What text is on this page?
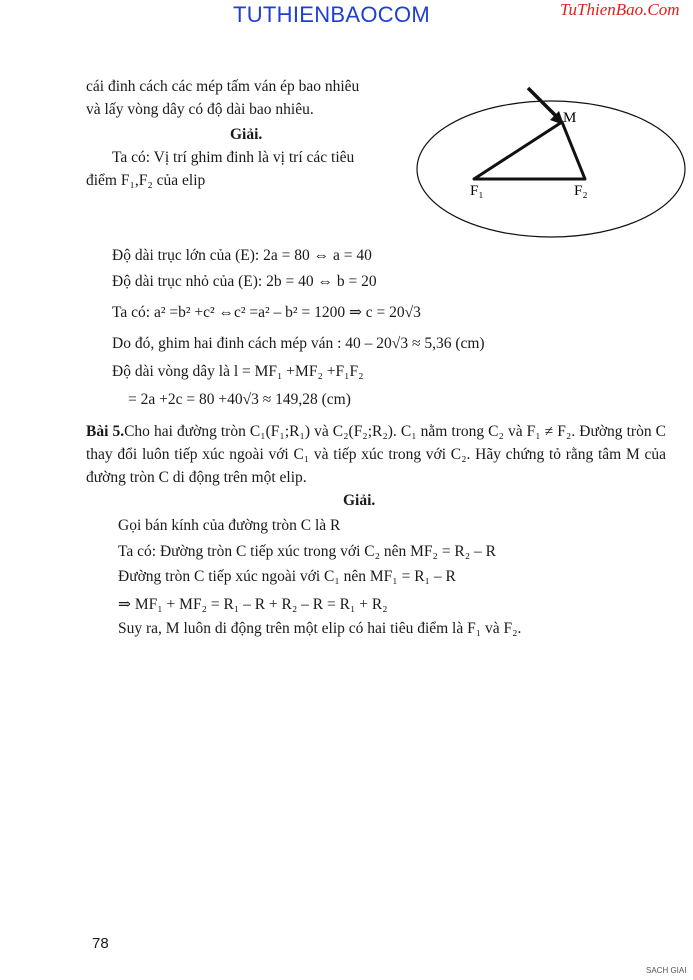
TUTHIENBAOCOM	TuThienBao.Com
cái đinh cách các mép tấm ván ép bao nhiêu
và lấy vòng dây có độ dài bao nhiêu.
Giải.
Ta có: Vị trí ghim đinh là vị trí các tiêu
điểm F₁,F₂ của elip
M
F₁	F₂
Độ dài trục lớn của (E): 2a = 80 ⇔ a = 40
Độ dài trục nhỏ của (E): 2b = 40 ⇔ b = 20
Ta có: a² =b² +c² ⇔c² =a² – b² = 1200 ⇒ c = 20√3
Do đó, ghim hai đinh cách mép ván : 40 – 20√3 ≈ 5,36 (cm)
Độ dài vòng dây là l = MF₁ +MF₂ +F₁F₂
= 2a +2c = 80 +40√3 ≈ 149,28 (cm)
Bài 5.Cho hai đường tròn C₁(F₁;R₁) và C₂(F₂;R₂). C₁ nằm trong C₂ và F₁ ≠ F₂. Đường tròn C thay đổi luôn tiếp xúc ngoài với C₁ và tiếp xúc trong với C₂. Hãy chứng tỏ rằng tâm M của đường tròn C di động trên một elip.
Giải.
Gọi bán kính của đường tròn C là R
Ta có: Đường tròn C tiếp xúc trong với C₂ nên MF₂ = R₂ – R
Đường tròn C tiếp xúc ngoài với C₁ nên MF₁ = R₁ – R
⇒ MF₁ + MF₂ = R₁ – R + R₂ – R = R₁ + R₂
Suy ra, M luôn di động trên một elip có hai tiêu điểm là F₁ và F₂.
78
SACH GIAI
